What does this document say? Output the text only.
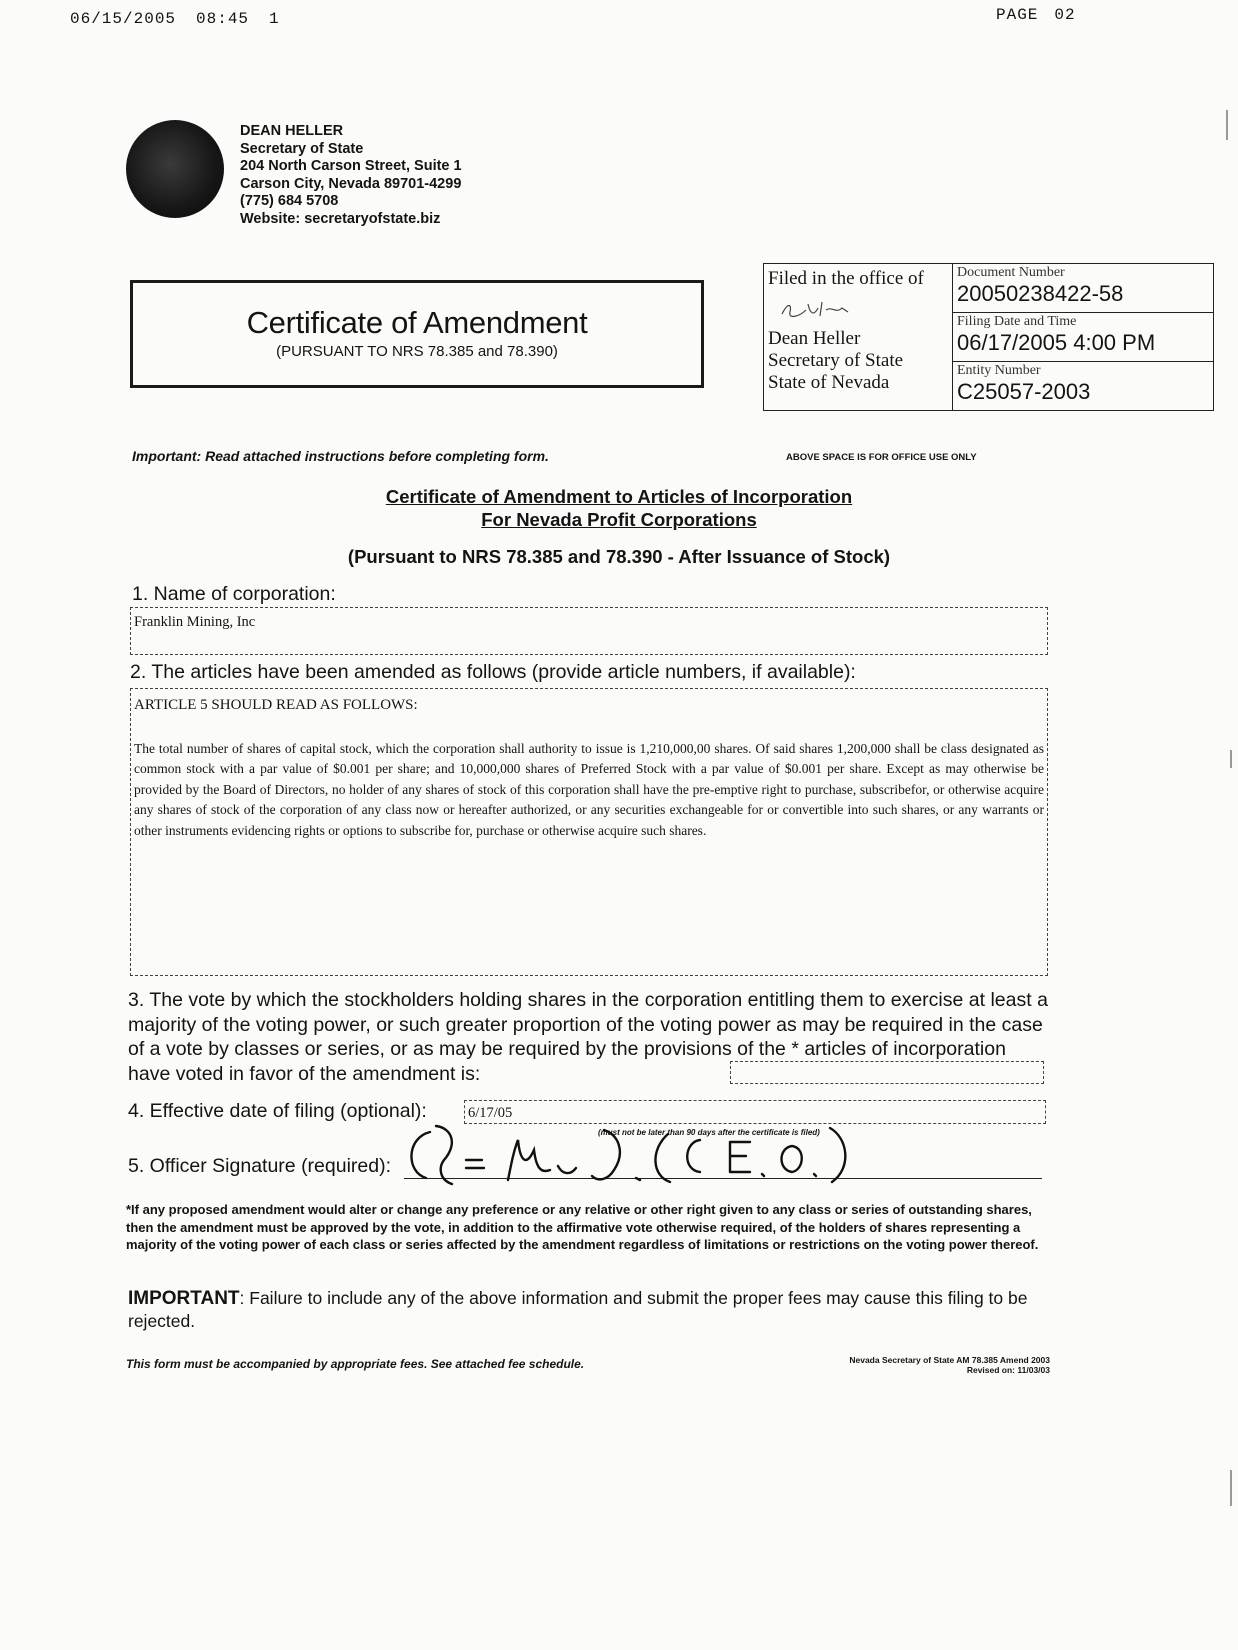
06/15/2005 08:45 1	PAGE 02
DEAN HELLER
Secretary of State
204 North Carson Street, Suite 1
Carson City, Nevada 89701-4299
(775) 684 5708
Website: secretaryofstate.biz
Certificate of Amendment
(PURSUANT TO NRS 78.385 and 78.390)
Filed in the office of
Dean Heller
Secretary of State
State of Nevada
Document Number
20050238422-58
Filing Date and Time
06/17/2005 4:00 PM
Entity Number
C25057-2003
Important: Read attached instructions before completing form.	ABOVE SPACE IS FOR OFFICE USE ONLY
Certificate of Amendment to Articles of Incorporation
For Nevada Profit Corporations
(Pursuant to NRS 78.385 and 78.390 - After Issuance of Stock)
1. Name of corporation:
Franklin Mining, Inc
2. The articles have been amended as follows (provide article numbers, if available):
ARTICLE 5 SHOULD READ AS FOLLOWS:
The total number of shares of capital stock, which the corporation shall authority to issue is 1,210,000,00 shares. Of said shares 1,200,000 shall be class designated as common stock with a par value of $0.001 per share; and 10,000,000 shares of Preferred Stock with a par value of $0.001 per share. Except as may otherwise be provided by the Board of Directors, no holder of any shares of stock of this corporation shall have the pre-emptive right to purchase, subscribefor, or otherwise acquire any shares of stock of the corporation of any class now or hereafter authorized, or any securities exchangeable for or convertible into such shares, or any warrants or other instruments evidencing rights or options to subscribe for, purchase or otherwise acquire such shares.
3. The vote by which the stockholders holding shares in the corporation entitling them to exercise at least a majority of the voting power, or such greater proportion of the voting power as may be required in the case of a vote by classes or series, or as may be required by the provisions of the * articles of incorporation have voted in favor of the amendment is:
4. Effective date of filing (optional):	6/17/05
(must not be later than 90 days after the certificate is filed)
5. Officer Signature (required):
*If any proposed amendment would alter or change any preference or any relative or other right given to any class or series of outstanding shares, then the amendment must be approved by the vote, in addition to the affirmative vote otherwise required, of the holders of shares representing a majority of the voting power of each class or series affected by the amendment regardless of limitations or restrictions on the voting power thereof.
IMPORTANT: Failure to include any of the above information and submit the proper fees may cause this filing to be rejected.
This form must be accompanied by appropriate fees. See attached fee schedule.	Nevada Secretary of State AM 78.385 Amend 2003
Revised on: 11/03/03
